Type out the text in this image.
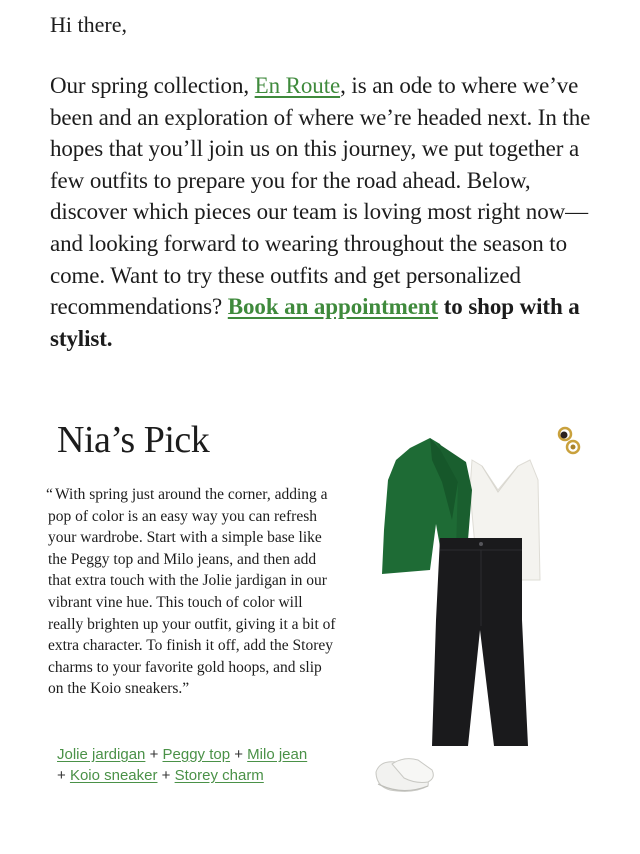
Hi there,

Our spring collection, En Route, is an ode to where we’ve been and an exploration of where we’re headed next. In the hopes that you’ll join us on this journey, we put together a few outfits to prepare you for the road ahead. Below, discover which pieces our team is loving most right now—and looking forward to wearing throughout the season to come. Want to try these outfits and get personalized recommendations? Book an appointment to shop with a stylist.

Nia’s Pick

“ With spring just around the corner, adding a pop of color is an easy way you can refresh your wardrobe. Start with a simple base like the Peggy top and Milo jeans, and then add that extra touch with the Jolie jardigan in our vibrant vine hue. This touch of color will really brighten up your outfit, giving it a bit of extra character. To finish it off, add the Storey charms to your favorite gold hoops, and slip on the Koio sneakers.”

Jolie jardigan + Peggy top + Milo jean
+ Koio sneaker + Storey charm
